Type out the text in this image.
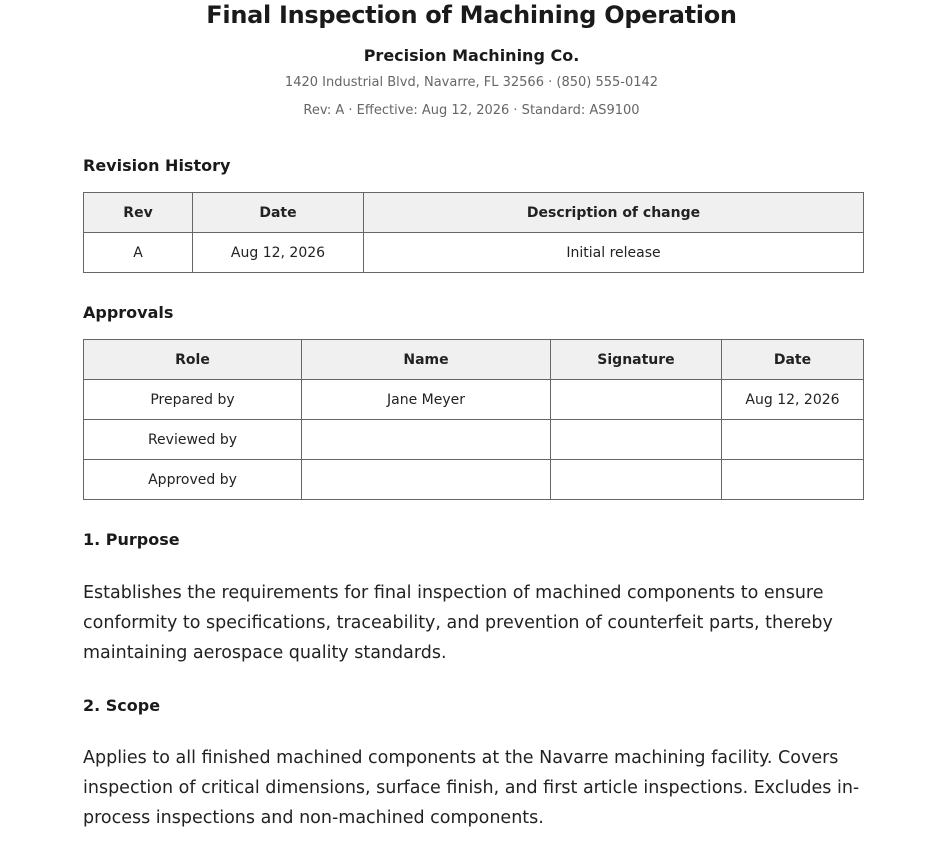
Final Inspection of Machining Operation
Precision Machining Co.
1420 Industrial Blvd, Navarre, FL 32566 · (850) 555-0142
Rev: A · Effective: Aug 12, 2026 · Standard: AS9100
Revision History
Rev	Date	Description of change
A	Aug 12, 2026	Initial release
Approvals
Role	Name	Signature	Date
Prepared by	Jane Meyer		Aug 12, 2026
Reviewed by			
Approved by			
1. Purpose
Establishes the requirements for final inspection of machined components to ensure conformity to specifications, traceability, and prevention of counterfeit parts, thereby maintaining aerospace quality standards.
2. Scope
Applies to all finished machined components at the Navarre machining facility. Covers inspection of critical dimensions, surface finish, and first article inspections. Excludes in-process inspections and non-machined components.
